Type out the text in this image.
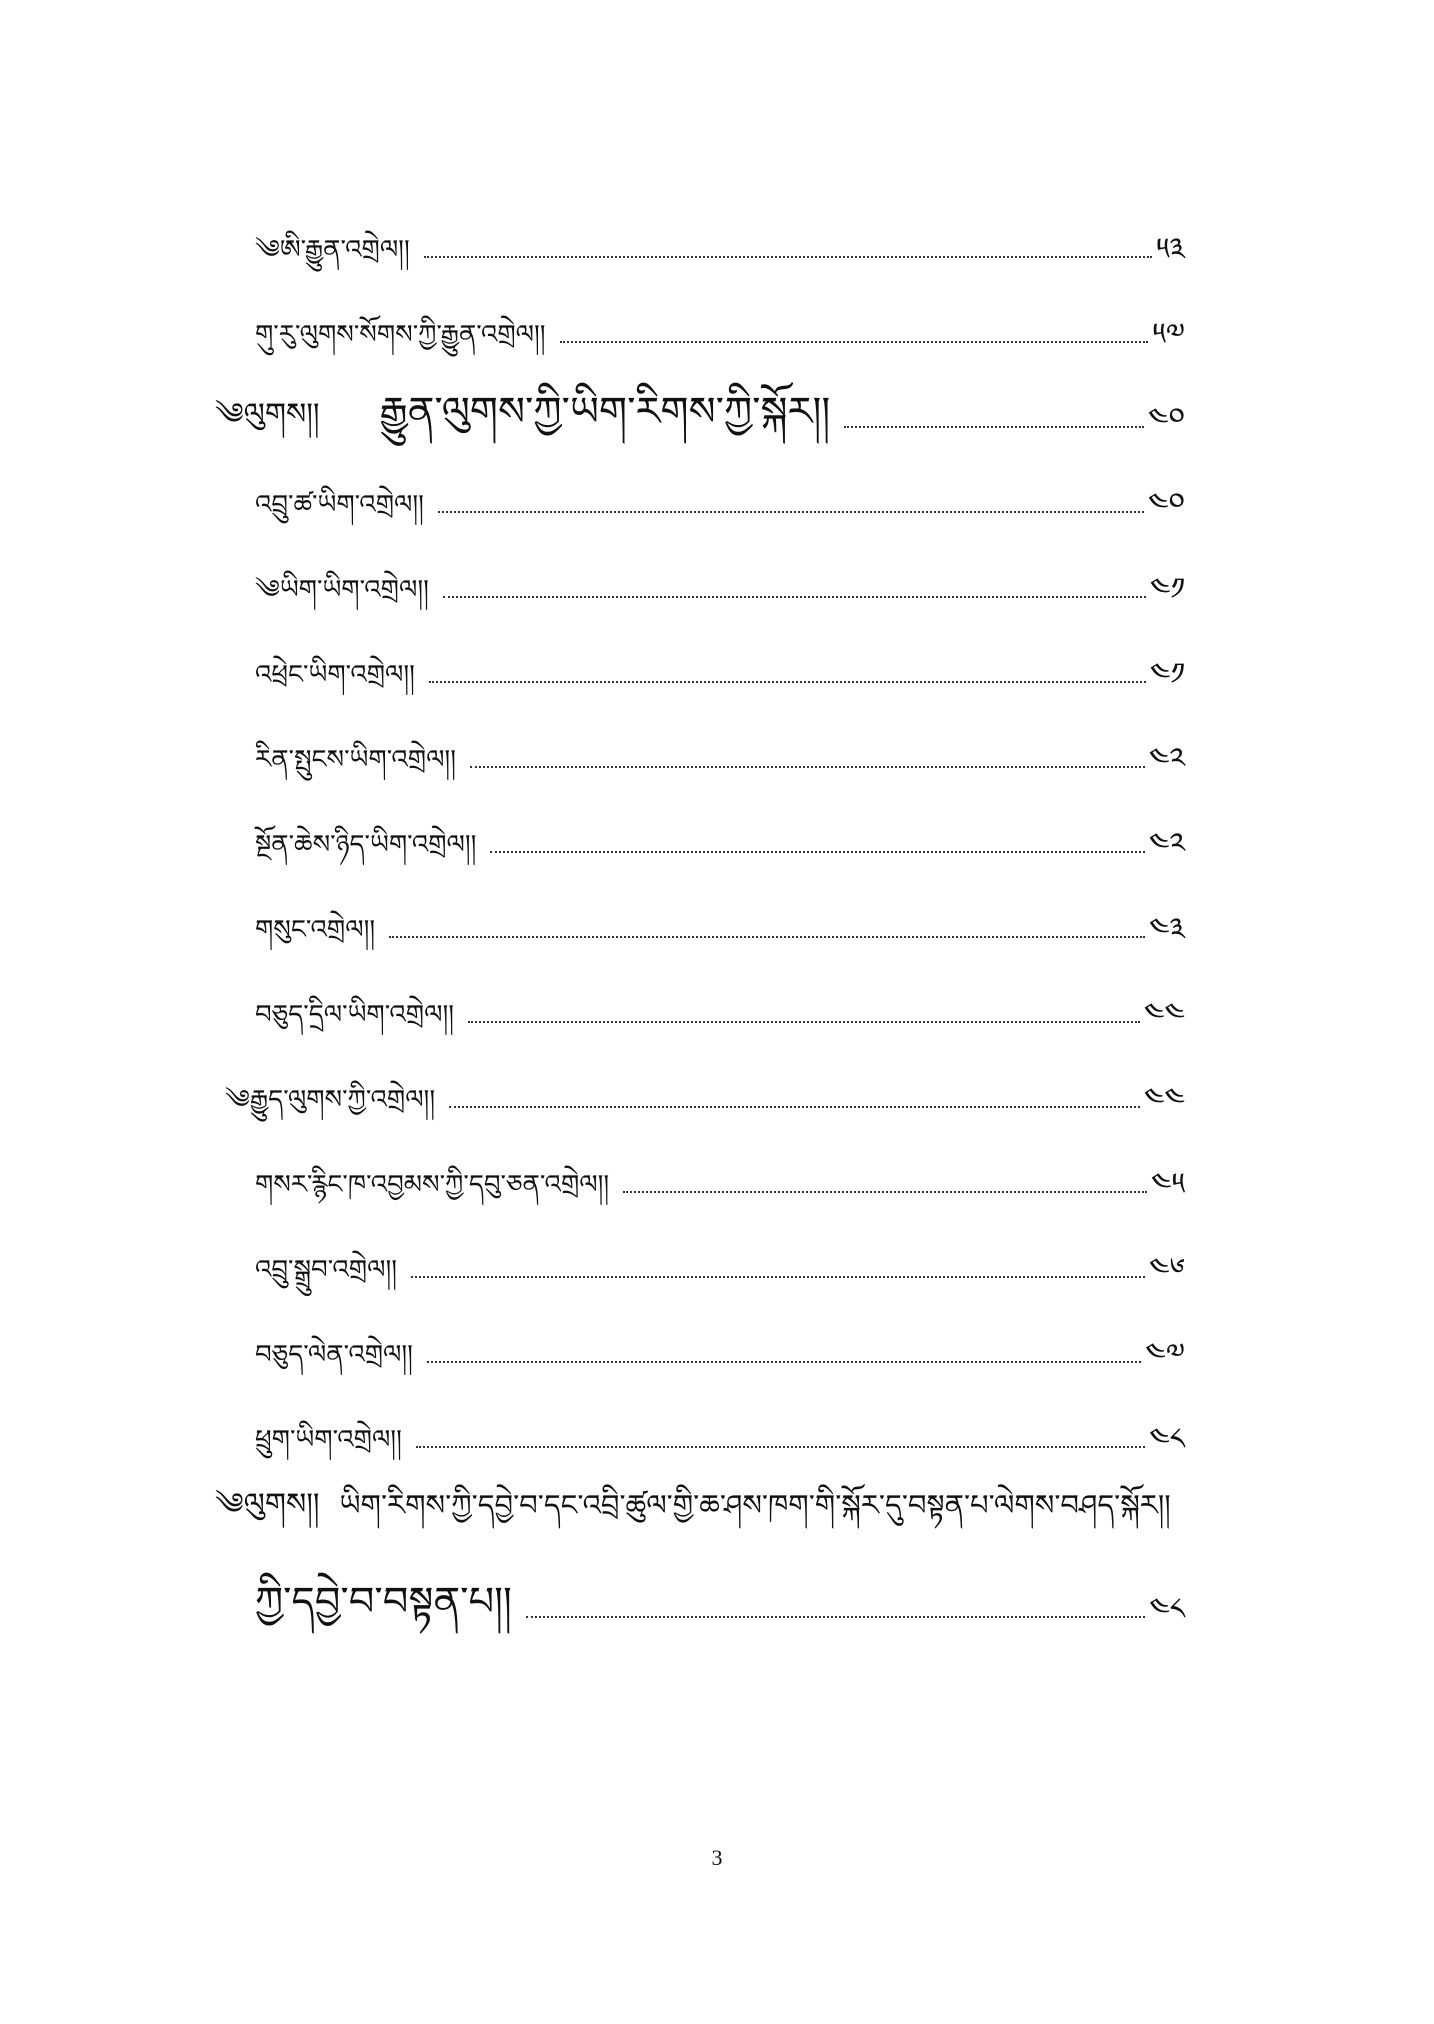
༄ཨི་རྒྱུན་འགྲེལ།།	༥༣
གུ་རུ་ལུགས་སོགས་ཀྱི་རྒྱུན་འགྲེལ།།	༥༧
༄ལུགས།། རྒྱུན་ལུགས་ཀྱི་ཡིག་རིགས་ཀྱི་སྐོར།།	༤༠
འབྲུ་ཚ་ཡིག་འགྲེལ།།	༤༠
༄ཡིག་ཡིག་འགྲེལ།།	༤༡
འཕྲེང་ཡིག་འགྲེལ།།	༤༡
རིན་སྤུངས་ཡིག་འགྲེལ།།	༤༢
སྔོན་ཆེས་ཉིད་ཡིག་འགྲེལ།།	༤༢
གསུང་འགྲེལ།།	༤༣
བཅུད་དྲིལ་ཡིག་འགྲེལ།།	༤༤
༄རྒྱུད་ལུགས་ཀྱི་འགྲེལ།།	༤༤
གསར་རྙིང་ཁ་འབྱམས་ཀྱི་དབུ་ཅན་འགྲེལ།།	༤༥
འབྲུ་སྒྲུབ་འགྲེལ།།	༤༦
བཅུད་ལེན་འགྲེལ།།	༤༧
ཕྲུག་ཡིག་འགྲེལ།།	༤༨
༄ལུགས།། ཡིག་རིགས་ཀྱི་དབྱེ་བ་དང་འབྲི་ཚུལ་གྱི་ཆ་ཤས་ཁག་གི་སྐོར་དུ་བསྟན་པ་ལེགས་བཤད་སྐོར།།
ཀྱི་དབྱེ་བ་བསྟན་པ།།	༤༨
3
